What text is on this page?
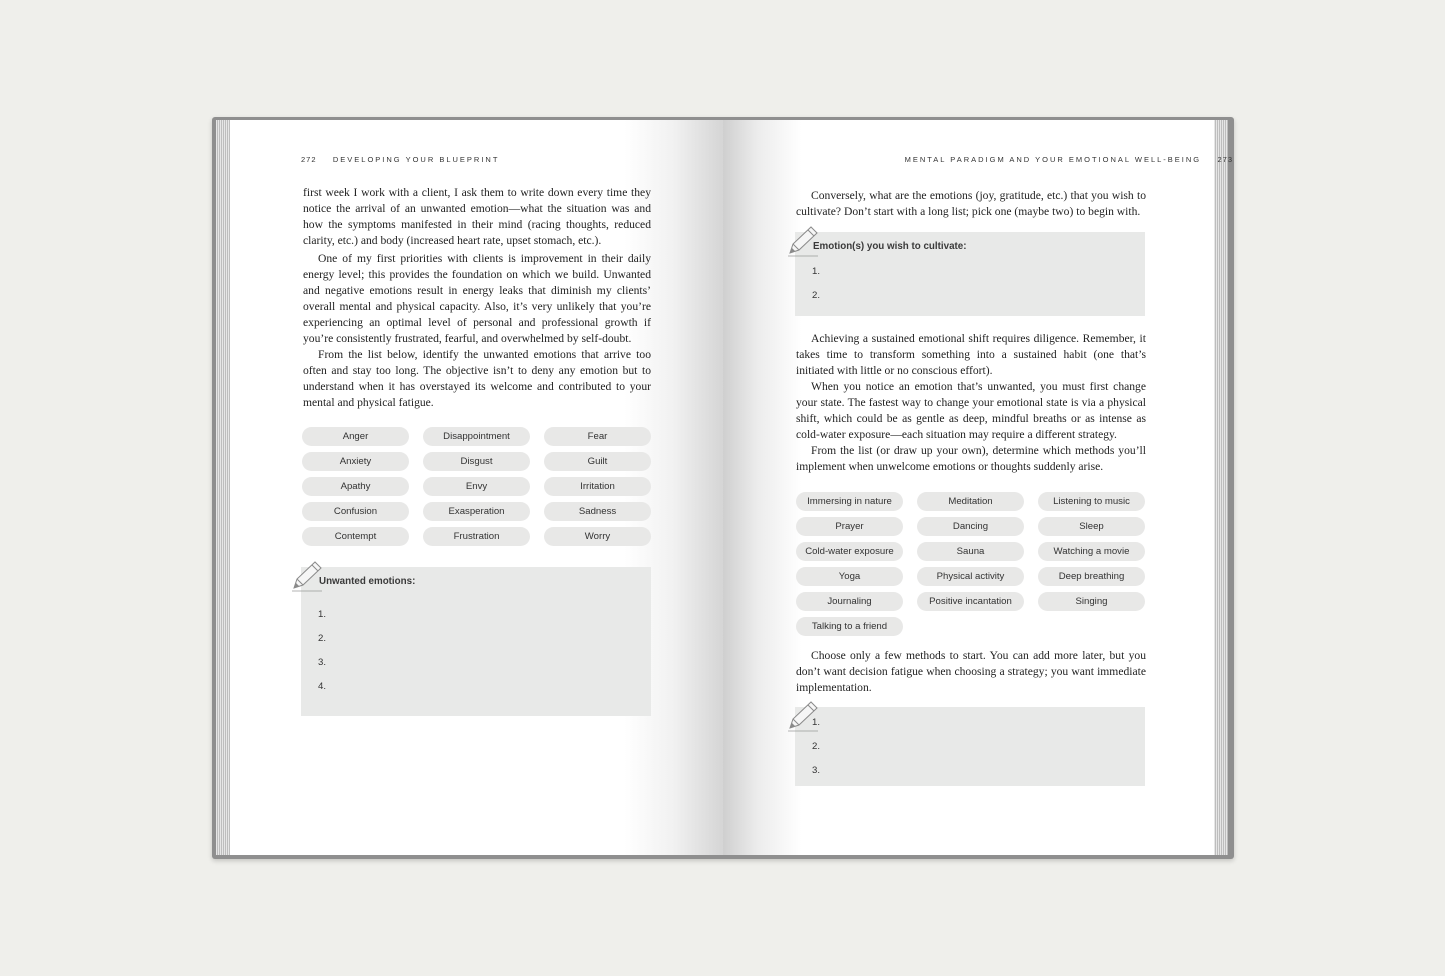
272 DEVELOPING YOUR BLUEPRINT

first week I work with a client, I ask them to write down every time they notice the arrival of an unwanted emotion—what the situation was and how the symptoms manifested in their mind (racing thoughts, reduced clarity, etc.) and body (increased heart rate, upset stomach, etc.).

One of my first priorities with clients is improvement in their daily energy level; this provides the foundation on which we build. Unwanted and negative emotions result in energy leaks that diminish my clients’ overall mental and physical capacity. Also, it’s very unlikely that you’re experiencing an optimal level of personal and professional growth if you’re consistently frustrated, fearful, and overwhelmed by self-doubt.

From the list below, identify the unwanted emotions that arrive too often and stay too long. The objective isn’t to deny any emotion but to understand when it has overstayed its welcome and contributed to your mental and physical fatigue.

Anger	Disappointment	Fear
Anxiety	Disgust	Guilt
Apathy	Envy	Irritation
Confusion	Exasperation	Sadness
Contempt	Frustration	Worry
Unwanted emotions:
1.
2.
3.
4.
MENTAL PARADIGM AND YOUR EMOTIONAL WELL-BEING 273

Conversely, what are the emotions (joy, gratitude, etc.) that you wish to cultivate? Don’t start with a long list; pick one (maybe two) to begin with.

Emotion(s) you wish to cultivate:
1.
2.

Achieving a sustained emotional shift requires diligence. Remember, it takes time to transform something into a sustained habit (one that’s initiated with little or no conscious effort).

When you notice an emotion that’s unwanted, you must first change your state. The fastest way to change your emotional state is via a physical shift, which could be as gentle as deep, mindful breaths or as intense as cold-water exposure—each situation may require a different strategy.

From the list (or draw up your own), determine which methods you’ll implement when unwelcome emotions or thoughts suddenly arise.

Immersing in nature	Meditation	Listening to music
Prayer	Dancing	Sleep
Cold-water exposure	Sauna	Watching a movie
Yoga	Physical activity	Deep breathing
Journaling	Positive incantation	Singing
Talking to a friend

Choose only a few methods to start. You can add more later, but you don’t want decision fatigue when choosing a strategy; you want immediate implementation.

1.
2.
3.
